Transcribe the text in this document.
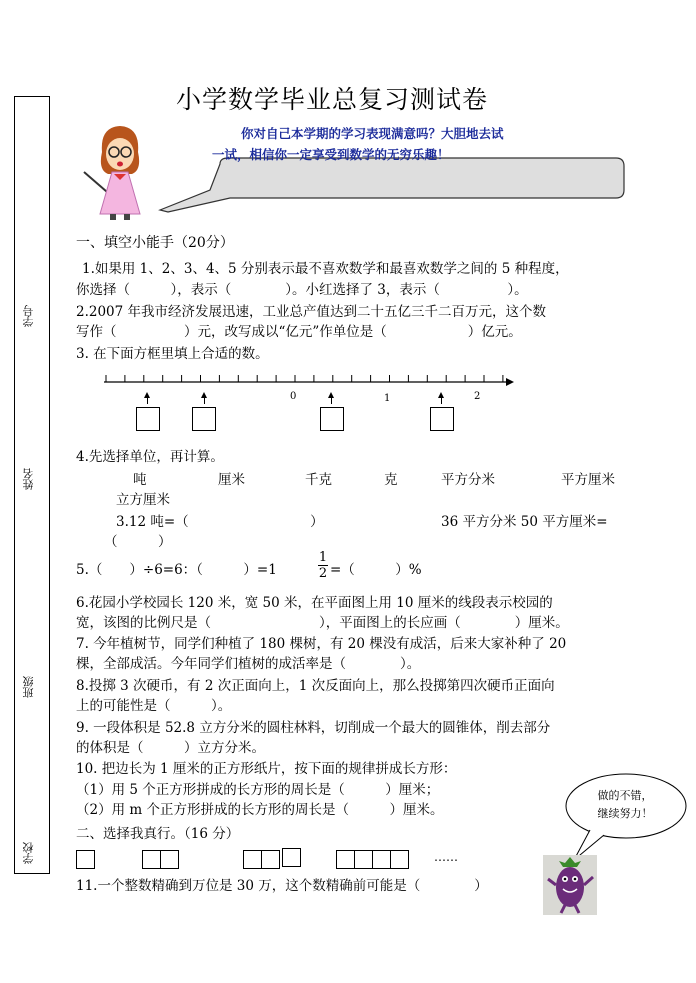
学号
姓名
班级
学校
小学数学毕业总复习测试卷
你对自己本学期的学习表现满意吗？大胆地去试
一试，相信你一定享受到数学的无穷乐趣！
一、填空小能手（20分）
1.如果用 1、2、3、4、5 分别表示最不喜欢数学和最喜欢数学之间的 5 种程度，
你选择（　　　），表示（　　　　）。小红选择了 3，表示（　　　　　）。
2.2007 年我市经济发展迅速，工业总产值达到二十五亿三千二百万元，这个数
写作（　　　　　）元，改写成以“亿元”作单位是（　　　　　　）亿元。
3. 在下面方框里填上合适的数。
0	1	2
4.先选择单位，再计算。
吨	厘米	千克	克	平方分米	平方厘米
立方厘米
3.12 吨=（　　　　　　　　　）	36 平方分米 50 平方厘米=
（　　　）
5.（　　）÷6=6：（　　　）=1	$\frac{1}{2}$ =（　　　）%
6.花园小学校园长 120 米，宽 50 米，在平面图上用 10 厘米的线段表示校园的
宽，该图的比例尺是（　　　　　　　　），平面图上的长应画（　　　　）厘米。
7. 今年植树节，同学们种植了 180 棵树，有 20 棵没有成活，后来大家补种了 20
棵，全部成活。今年同学们植树的成活率是（　　　　）。
8.投掷 3 次硬币，有 2 次正面向上，1 次反面向上，那么投掷第四次硬币正面向
上的可能性是（　　　）。
9. 一段体积是 52.8 立方分米的圆柱林料，切削成一个最大的圆锥体，削去部分
的体积是（　　　）立方分米。
10. 把边长为 1 厘米的正方形纸片，按下面的规律拼成长方形：
（1）用 5 个正方形拼成的长方形的周长是（　　　）厘米；
（2）用 m 个正方形拼成的长方形的周长是（　　　）厘米。
二、选择我真行。（16 分）
……
11.一个整数精确到万位是 30 万，这个数精确前可能是（　　　　）
做的不错，
继续努力！
